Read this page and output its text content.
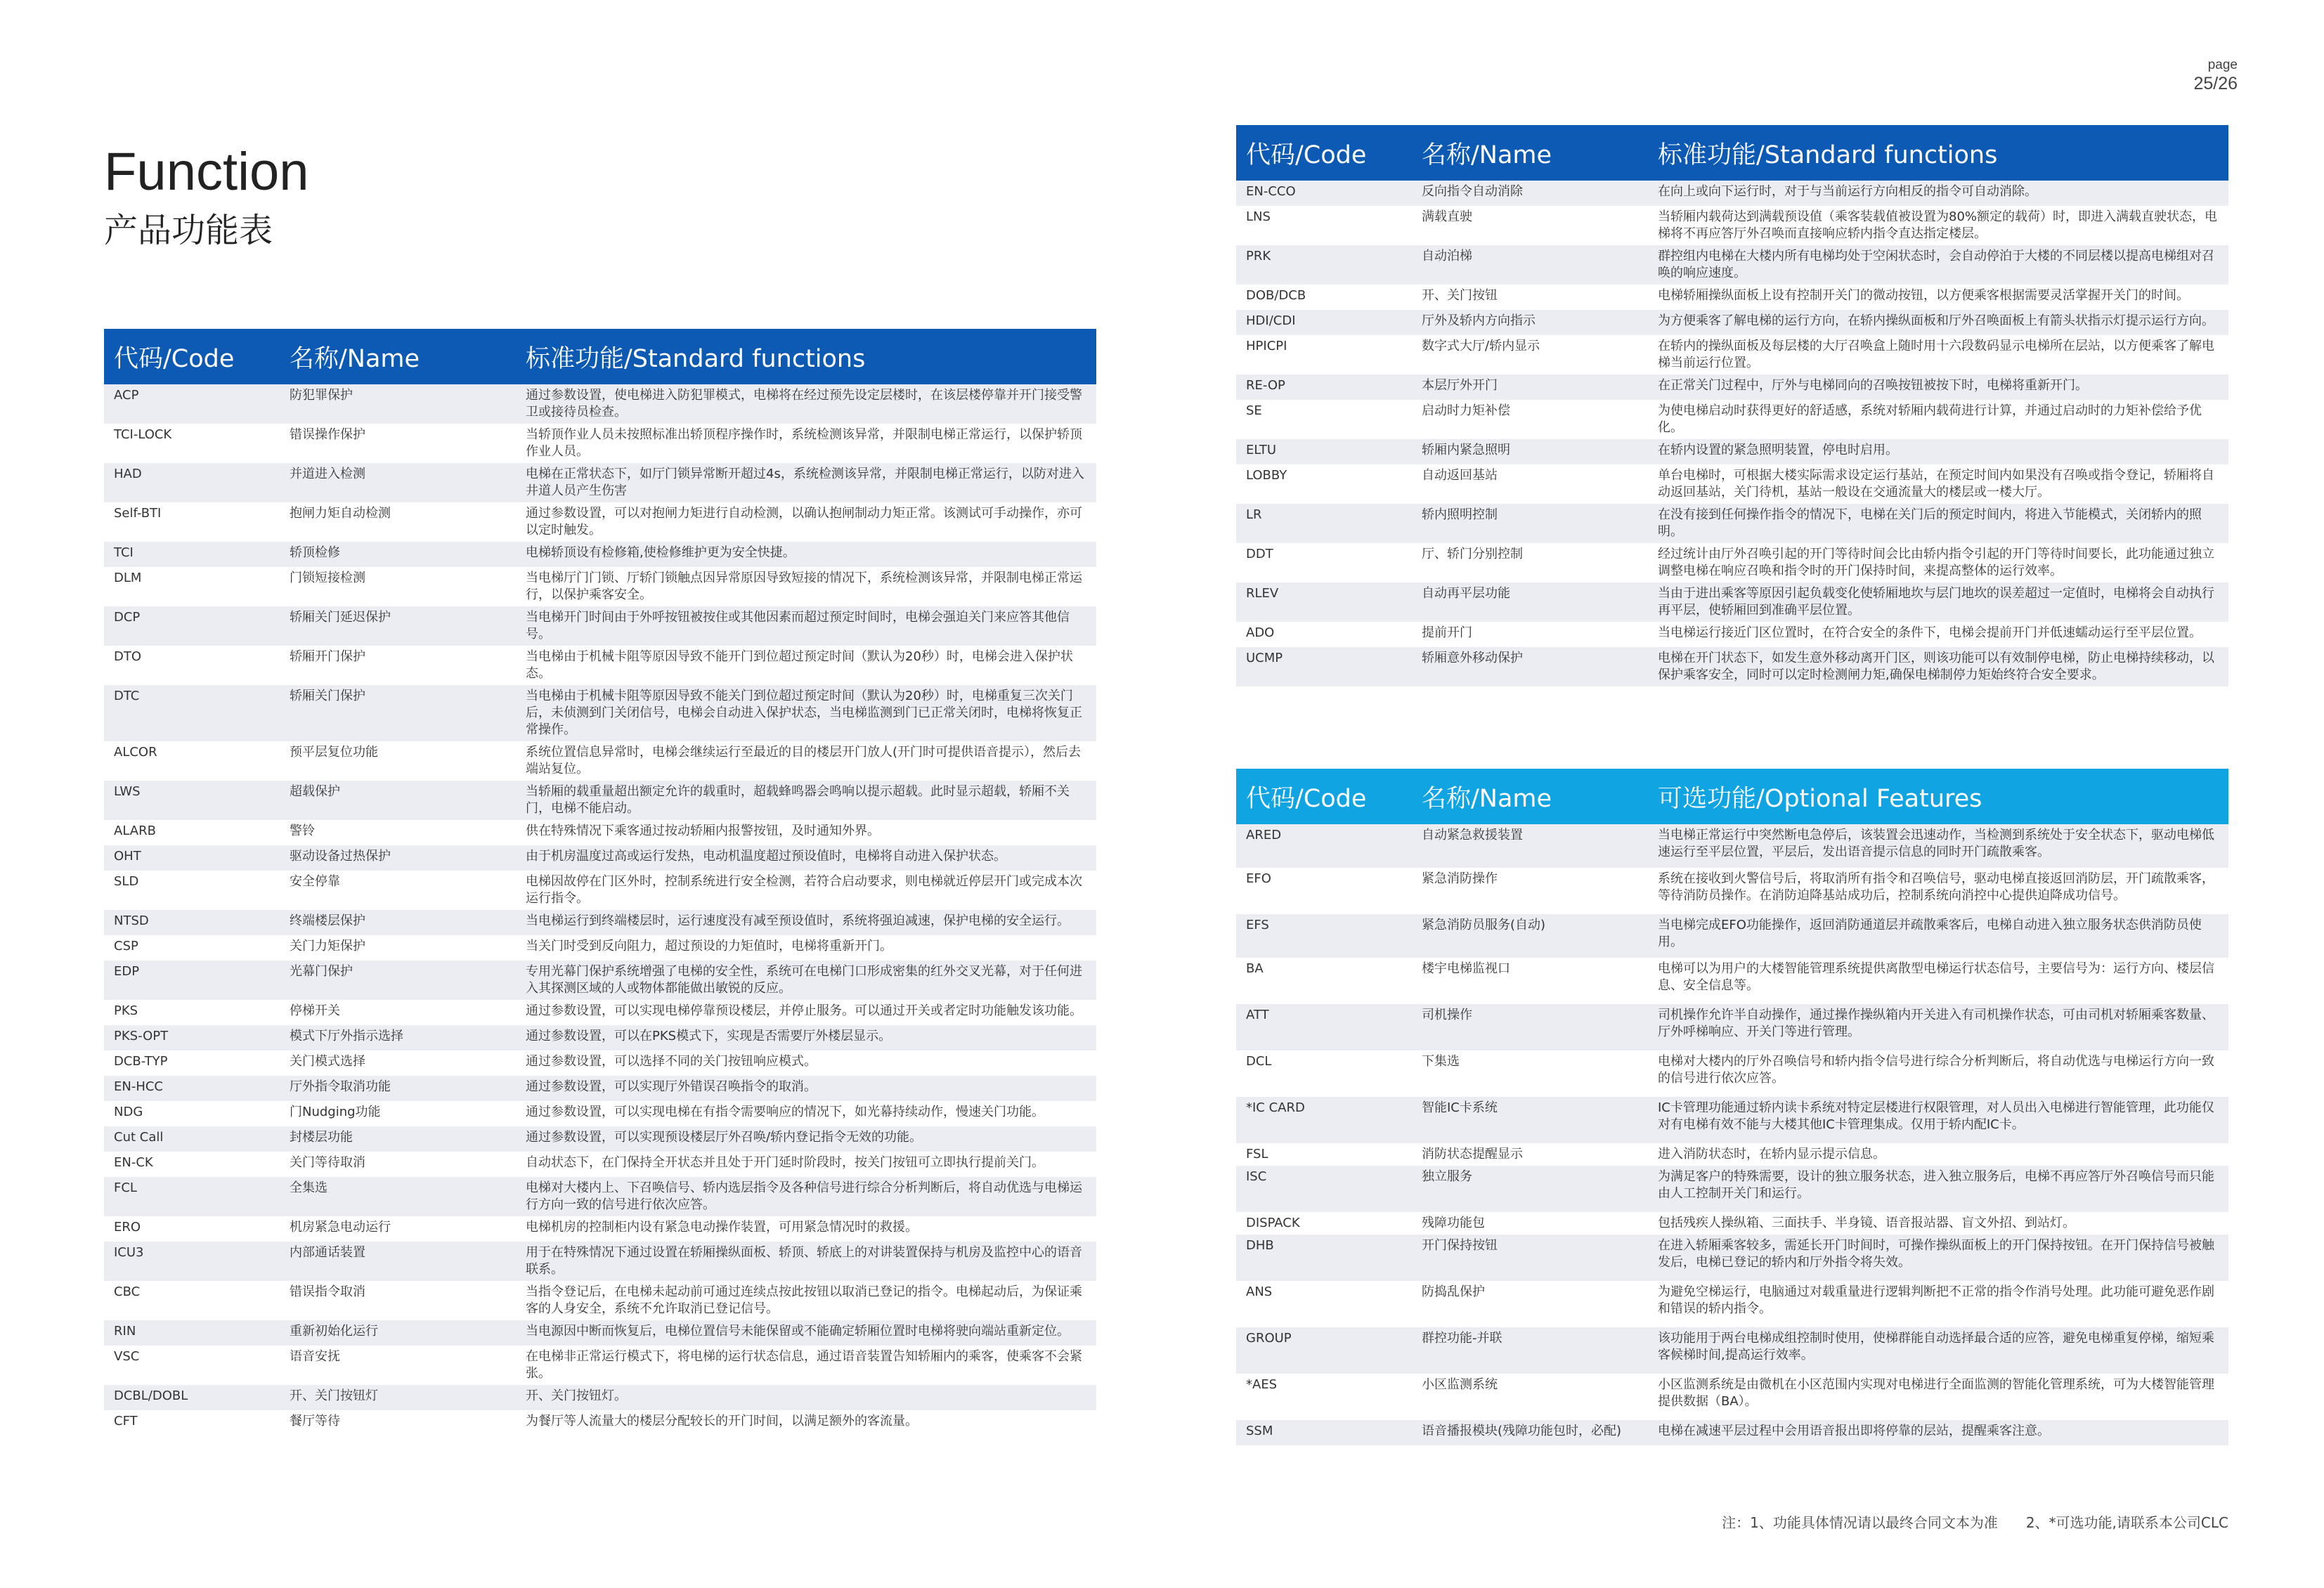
page
25/26
Function
产品功能表
代码/Code	名称/Name	标准功能/Standard functions
ACP	防犯罪保护	通过参数设置，使电梯进入防犯罪模式，电梯将在经过预先设定层楼时，在该层楼停靠并开门接受警卫或接待员检查。
TCI-LOCK	错误操作保护	当轿顶作业人员未按照标准出轿顶程序操作时，系统检测该异常，并限制电梯正常运行，以保护轿顶作业人员。
HAD	并道进入检测	电梯在正常状态下，如厅门锁异常断开超过4s，系统检测该异常，并限制电梯正常运行，以防对进入井道人员产生伤害
Self-BTI	抱闸力矩自动检测	通过参数设置，可以对抱闸力矩进行自动检测，以确认抱闸制动力矩正常。该测试可手动操作，亦可以定时触发。
TCI	轿顶检修	电梯轿顶设有检修箱,使检修维护更为安全快捷。
DLM	门锁短接检测	当电梯厅门门锁、厅轿门锁触点因异常原因导致短接的情况下，系统检测该异常，并限制电梯正常运行，以保护乘客安全。
DCP	轿厢关门延迟保护	当电梯开门时间由于外呼按钮被按住或其他因素而超过预定时间时，电梯会强迫关门来应答其他信号。
DTO	轿厢开门保护	当电梯由于机械卡阻等原因导致不能开门到位超过预定时间（默认为20秒）时，电梯会进入保护状态。
DTC	轿厢关门保护	当电梯由于机械卡阻等原因导致不能关门到位超过预定时间（默认为20秒）时，电梯重复三次关门后，未侦测到门关闭信号，电梯会自动进入保护状态，当电梯监测到门已正常关闭时，电梯将恢复正常操作。
ALCOR	预平层复位功能	系统位置信息异常时，电梯会继续运行至最近的目的楼层开门放人(开门时可提供语音提示），然后去端站复位。
LWS	超载保护	当轿厢的载重量超出额定允许的载重时，超载蜂鸣器会鸣响以提示超载。此时显示超载，轿厢不关门，电梯不能启动。
ALARB	警铃	供在特殊情况下乘客通过按动轿厢内报警按钮，及时通知外界。
OHT	驱动设备过热保护	由于机房温度过高或运行发热，电动机温度超过预设值时，电梯将自动进入保护状态。
SLD	安全停靠	电梯因故停在门区外时，控制系统进行安全检测，若符合启动要求，则电梯就近停层开门或完成本次运行指令。
NTSD	终端楼层保护	当电梯运行到终端楼层时，运行速度没有减至预设值时，系统将强迫减速，保护电梯的安全运行。
CSP	关门力矩保护	当关门时受到反向阻力，超过预设的力矩值时，电梯将重新开门。
EDP	光幕门保护	专用光幕门保护系统增强了电梯的安全性，系统可在电梯门口形成密集的红外交叉光幕，对于任何进入其探测区域的人或物体都能做出敏锐的反应。
PKS	停梯开关	通过参数设置，可以实现电梯停靠预设楼层，并停止服务。可以通过开关或者定时功能触发该功能。
PKS-OPT	模式下厅外指示选择	通过参数设置，可以在PKS模式下，实现是否需要厅外楼层显示。
DCB-TYP	关门模式选择	通过参数设置，可以选择不同的关门按钮响应模式。
EN-HCC	厅外指令取消功能	通过参数设置，可以实现厅外错误召唤指令的取消。
NDG	门Nudging功能	通过参数设置，可以实现电梯在有指令需要响应的情况下，如光幕持续动作，慢速关门功能。
Cut Call	封楼层功能	通过参数设置，可以实现预设楼层厅外召唤/轿内登记指令无效的功能。
EN-CK	关门等待取消	自动状态下，在门保持全开状态并且处于开门延时阶段时，按关门按钮可立即执行提前关门。
FCL	全集选	电梯对大楼内上、下召唤信号、轿内选层指令及各种信号进行综合分析判断后，将自动优选与电梯运行方向一致的信号进行依次应答。
ERO	机房紧急电动运行	电梯机房的控制柜内设有紧急电动操作装置，可用紧急情况时的救援。
ICU3	内部通话装置	用于在特殊情况下通过设置在轿厢操纵面板、轿顶、轿底上的对讲装置保持与机房及监控中心的语音联系。
CBC	错误指令取消	当指令登记后，在电梯未起动前可通过连续点按此按钮以取消已登记的指令。电梯起动后，为保证乘客的人身安全，系统不允许取消已登记信号。
RIN	重新初始化运行	当电源因中断而恢复后，电梯位置信号未能保留或不能确定轿厢位置时电梯将驶向端站重新定位。
VSC	语音安抚	在电梯非正常运行模式下，将电梯的运行状态信息，通过语音装置告知轿厢内的乘客，使乘客不会紧张。
DCBL/DOBL	开、关门按钮灯	开、关门按钮灯。
CFT	餐厅等待	为餐厅等人流量大的楼层分配较长的开门时间，以满足额外的客流量。
代码/Code	名称/Name	标准功能/Standard functions
EN-CCO	反向指令自动消除	在向上或向下运行时，对于与当前运行方向相反的指令可自动消除。
LNS	满载直驶	当轿厢内载荷达到满载预设值（乘客装载值被设置为80%额定的载荷）时，即进入满载直驶状态，电梯将不再应答厅外召唤而直接响应轿内指令直达指定楼层。
PRK	自动泊梯	群控组内电梯在大楼内所有电梯均处于空闲状态时，会自动停泊于大楼的不同层楼以提高电梯组对召唤的响应速度。
DOB/DCB	开、关门按钮	电梯轿厢操纵面板上设有控制开关门的微动按钮，以方便乘客根据需要灵活掌握开关门的时间。
HDI/CDI	厅外及轿内方向指示	为方便乘客了解电梯的运行方向，在轿内操纵面板和厅外召唤面板上有箭头状指示灯提示运行方向。
HPICPI	数字式大厅/轿内显示	在轿内的操纵面板及每层楼的大厅召唤盒上随时用十六段数码显示电梯所在层站，以方便乘客了解电梯当前运行位置。
RE-OP	本层厅外开门	在正常关门过程中，厅外与电梯同向的召唤按钮被按下时，电梯将重新开门。
SE	启动时力矩补偿	为使电梯启动时获得更好的舒适感，系统对轿厢内载荷进行计算，并通过启动时的力矩补偿给予优化。
ELTU	轿厢内紧急照明	在轿内设置的紧急照明装置，停电时启用。
LOBBY	自动返回基站	单台电梯时，可根据大楼实际需求设定运行基站，在预定时间内如果没有召唤或指令登记，轿厢将自动返回基站，关门待机，基站一般设在交通流量大的楼层或一楼大厅。
LR	轿内照明控制	在没有接到任何操作指令的情况下，电梯在关门后的预定时间内，将进入节能模式，关闭轿内的照明。
DDT	厅、轿门分别控制	经过统计由厅外召唤引起的开门等待时间会比由轿内指令引起的开门等待时间要长，此功能通过独立调整电梯在响应召唤和指令时的开门保持时间，来提高整体的运行效率。
RLEV	自动再平层功能	当由于进出乘客等原因引起负载变化使轿厢地坎与层门地坎的误差超过一定值时，电梯将会自动执行再平层，使轿厢回到准确平层位置。
ADO	提前开门	当电梯运行接近门区位置时，在符合安全的条件下，电梯会提前开门并低速蠕动运行至平层位置。
UCMP	轿厢意外移动保护	电梯在开门状态下，如发生意外移动离开门区，则该功能可以有效制停电梯，防止电梯持续移动，以保护乘客安全，同时可以定时检测闸力矩,确保电梯制停力矩始终符合安全要求。
代码/Code	名称/Name	可选功能/Optional Features
ARED	自动紧急救援装置	当电梯正常运行中突然断电急停后，该装置会迅速动作，当检测到系统处于安全状态下，驱动电梯低速运行至平层位置，平层后，发出语音提示信息的同时开门疏散乘客。
EFO	紧急消防操作	系统在接收到火警信号后，将取消所有指令和召唤信号，驱动电梯直接返回消防层，开门疏散乘客，等待消防员操作。在消防迫降基站成功后，控制系统向消控中心提供迫降成功信号。
EFS	紧急消防员服务(自动)	当电梯完成EFO功能操作，返回消防通道层并疏散乘客后，电梯自动进入独立服务状态供消防员使用。
BA	楼宇电梯监视口	电梯可以为用户的大楼智能管理系统提供离散型电梯运行状态信号，主要信号为：运行方向、楼层信息、安全信息等。
ATT	司机操作	司机操作允许半自动操作，通过操作操纵箱内开关进入有司机操作状态，可由司机对轿厢乘客数量、厅外呼梯响应、开关门等进行管理。
DCL	下集选	电梯对大楼内的厅外召唤信号和轿内指令信号进行综合分析判断后，将自动优选与电梯运行方向一致的信号进行依次应答。
*IC CARD	智能IC卡系统	IC卡管理功能通过轿内读卡系统对特定层楼进行权限管理，对人员出入电梯进行智能管理，此功能仅对有电梯有效不能与大楼其他IC卡管理集成。仅用于轿内配IC卡。
FSL	消防状态提醒显示	进入消防状态时，在轿内显示提示信息。
ISC	独立服务	为满足客户的特殊需要，设计的独立服务状态，进入独立服务后，电梯不再应答厅外召唤信号而只能由人工控制开关门和运行。
DISPACK	残障功能包	包括残疾人操纵箱、三面扶手、半身镜、语音报站器、盲文外招、到站灯。
DHB	开门保持按钮	在进入轿厢乘客较多，需延长开门时间时，可操作操纵面板上的开门保持按钮。在开门保持信号被触发后，电梯已登记的轿内和厅外指令将失效。
ANS	防捣乱保护	为避免空梯运行，电脑通过对载重量进行逻辑判断把不正常的指令作消号处理。此功能可避免恶作剧和错误的轿内指令。
GROUP	群控功能-并联	该功能用于两台电梯成组控制时使用，使梯群能自动选择最合适的应答，避免电梯重复停梯，缩短乘客候梯时间,提高运行效率。
*AES	小区监测系统	小区监测系统是由微机在小区范围内实现对电梯进行全面监测的智能化管理系统，可为大楼智能管理提供数据（BA）。
SSM	语音播报模块(残障功能包时，必配)	电梯在减速平层过程中会用语音报出即将停靠的层站，提醒乘客注意。
注：1、功能具体情况请以最终合同文本为准　　2、*可选功能,请联系本公司CLC
